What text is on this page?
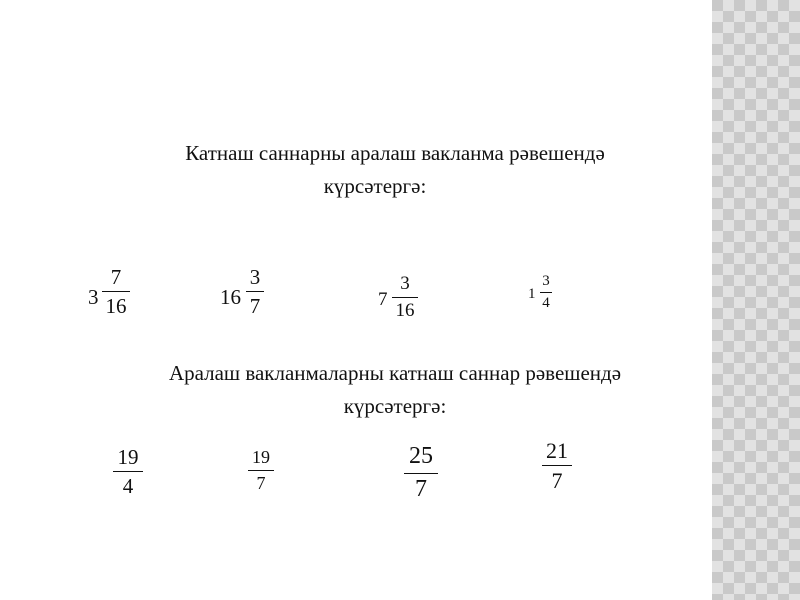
Катнаш саннарны аралаш вакланма рәвешендә
күрсәтергә:
3
7
16	16
3
7	7
3
16
1
3
4
Аралаш вакланмаларны катнаш саннар рәвешендә
күрсәтергә:
19
4
19
7
25
7
21
7
